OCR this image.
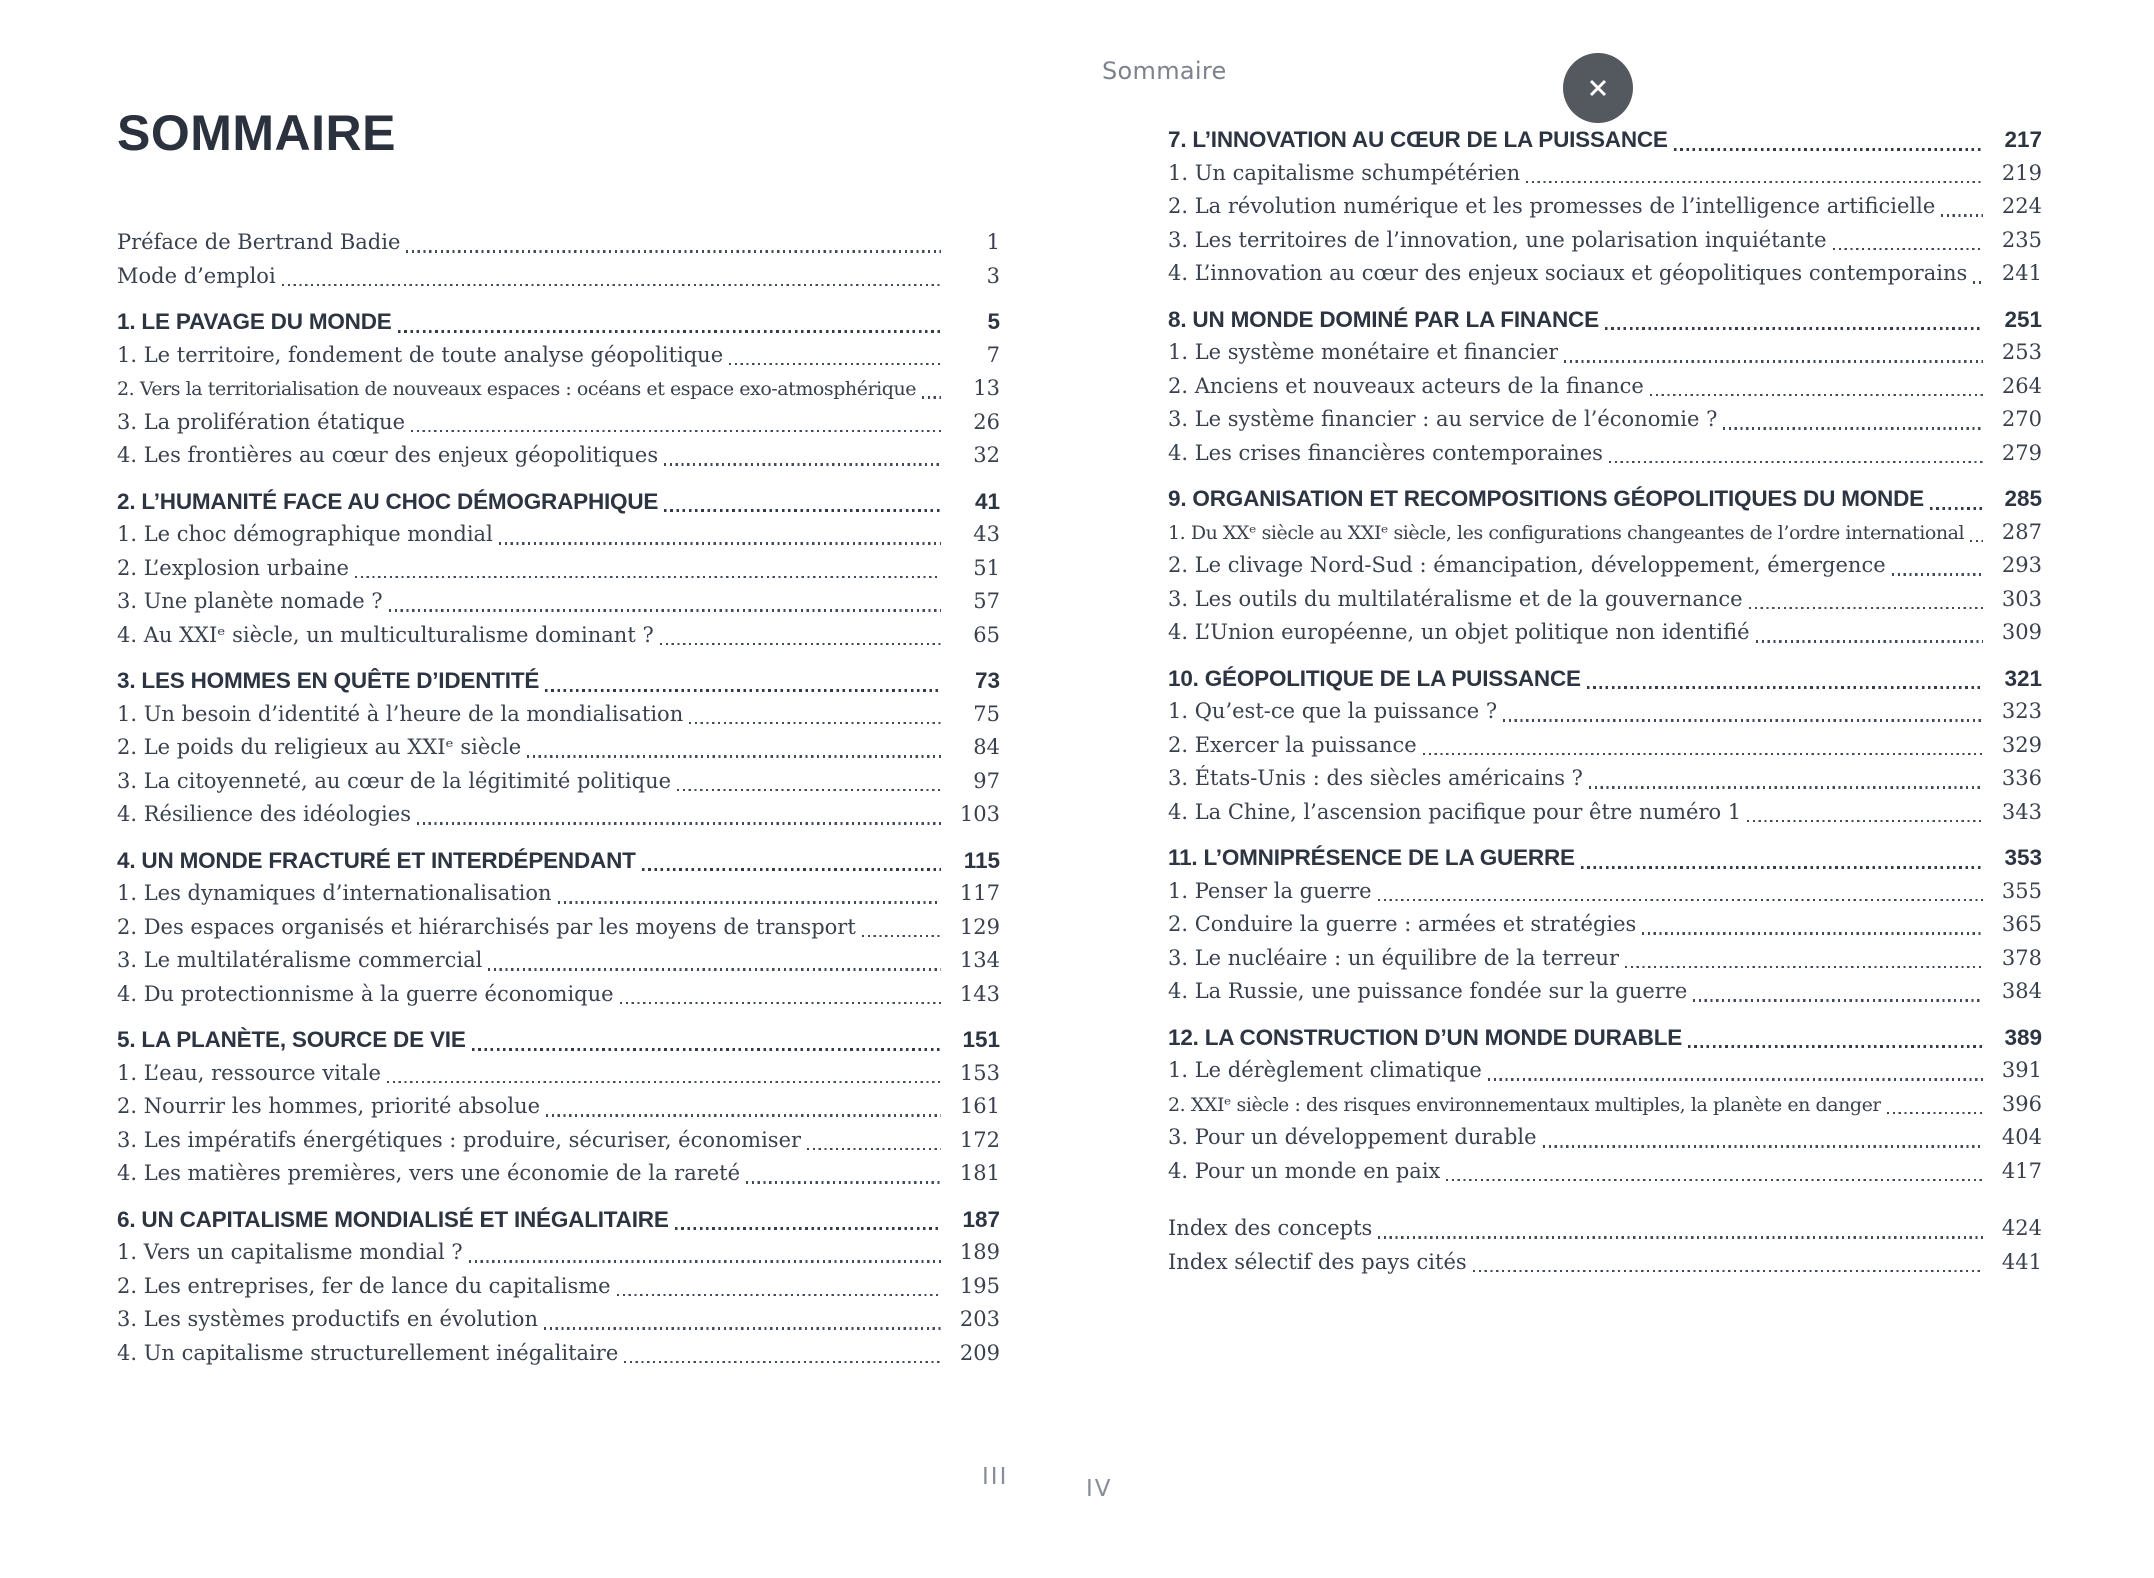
Sommaire
SOMMAIRE
Préface de Bertrand Badie	1
Mode d’emploi	3
1. LE PAVAGE DU MONDE	5
1. Le territoire, fondement de toute analyse géopolitique	7
2. Vers la territorialisation de nouveaux espaces : océans et espace exo-atmosphérique	13
3. La prolifération étatique	26
4. Les frontières au cœur des enjeux géopolitiques	32
2. L’HUMANITÉ FACE AU CHOC DÉMOGRAPHIQUE	41
1. Le choc démographique mondial	43
2. L’explosion urbaine	51
3. Une planète nomade ?	57
4. Au XXIᵉ siècle, un multiculturalisme dominant ?	65
3. LES HOMMES EN QUÊTE D’IDENTITÉ	73
1. Un besoin d’identité à l’heure de la mondialisation	75
2. Le poids du religieux au XXIᵉ siècle	84
3. La citoyenneté, au cœur de la légitimité politique	97
4. Résilience des idéologies	103
4. UN MONDE FRACTURÉ ET INTERDÉPENDANT	115
1. Les dynamiques d’internationalisation	117
2. Des espaces organisés et hiérarchisés par les moyens de transport	129
3. Le multilatéralisme commercial	134
4. Du protectionnisme à la guerre économique	143
5. LA PLANÈTE, SOURCE DE VIE	151
1. L’eau, ressource vitale	153
2. Nourrir les hommes, priorité absolue	161
3. Les impératifs énergétiques : produire, sécuriser, économiser	172
4. Les matières premières, vers une économie de la rareté	181
6. UN CAPITALISME MONDIALISÉ ET INÉGALITAIRE	187
1. Vers un capitalisme mondial ?	189
2. Les entreprises, fer de lance du capitalisme	195
3. Les systèmes productifs en évolution	203
4. Un capitalisme structurellement inégalitaire	209
7. L’INNOVATION AU CŒUR DE LA PUISSANCE	217
1. Un capitalisme schumpétérien	219
2. La révolution numérique et les promesses de l’intelligence artificielle	224
3. Les territoires de l’innovation, une polarisation inquiétante	235
4. L’innovation au cœur des enjeux sociaux et géopolitiques contemporains	241
8. UN MONDE DOMINÉ PAR LA FINANCE	251
1. Le système monétaire et financier	253
2. Anciens et nouveaux acteurs de la finance	264
3. Le système financier : au service de l’économie ?	270
4. Les crises financières contemporaines	279
9. ORGANISATION ET RECOMPOSITIONS GÉOPOLITIQUES DU MONDE	285
1. Du XXᵉ siècle au XXIᵉ siècle, les configurations changeantes de l’ordre international	287
2. Le clivage Nord-Sud : émancipation, développement, émergence	293
3. Les outils du multilatéralisme et de la gouvernance	303
4. L’Union européenne, un objet politique non identifié	309
10. GÉOPOLITIQUE DE LA PUISSANCE	321
1. Qu’est-ce que la puissance ?	323
2. Exercer la puissance	329
3. États-Unis : des siècles américains ?	336
4. La Chine, l’ascension pacifique pour être numéro 1	343
11. L’OMNIPRÉSENCE DE LA GUERRE	353
1. Penser la guerre	355
2. Conduire la guerre : armées et stratégies	365
3. Le nucléaire : un équilibre de la terreur	378
4. La Russie, une puissance fondée sur la guerre	384
12. LA CONSTRUCTION D’UN MONDE DURABLE	389
1. Le dérèglement climatique	391
2. XXIᵉ siècle : des risques environnementaux multiples, la planète en danger	396
3. Pour un développement durable	404
4. Pour un monde en paix	417
Index des concepts	424
Index sélectif des pays cités	441
III	IV
